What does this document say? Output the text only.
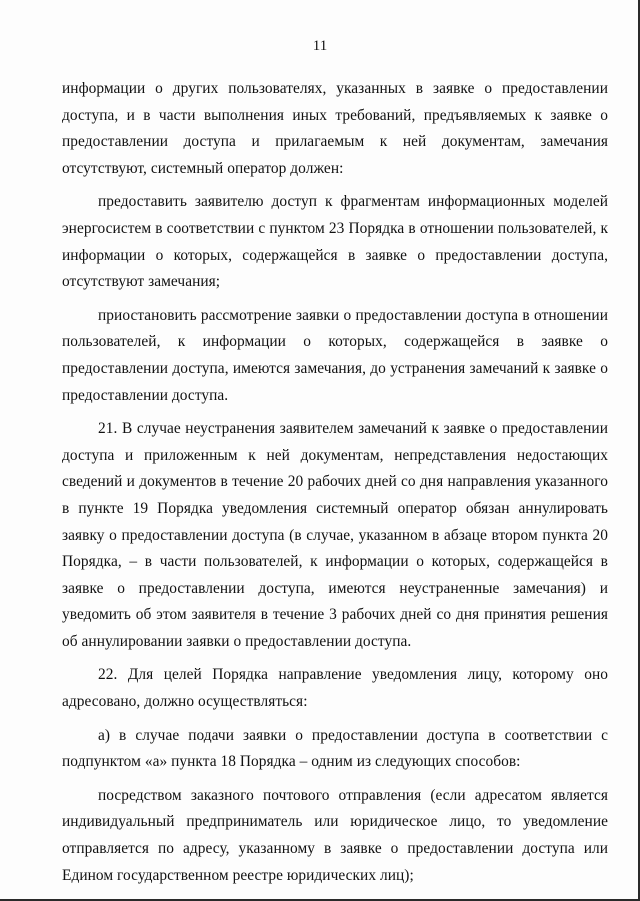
11

информации о других пользователях, указанных в заявке о предоставлении доступа, и в части выполнения иных требований, предъявляемых к заявке о предоставлении доступа и прилагаемым к ней документам, замечания отсутствуют, системный оператор должен:

предоставить заявителю доступ к фрагментам информационных моделей энергосистем в соответствии с пунктом 23 Порядка в отношении пользователей, к информации о которых, содержащейся в заявке о предоставлении доступа, отсутствуют замечания;

приостановить рассмотрение заявки о предоставлении доступа в отношении пользователей, к информации о которых, содержащейся в заявке о предоставлении доступа, имеются замечания, до устранения замечаний к заявке о предоставлении доступа.

21. В случае неустранения заявителем замечаний к заявке о предоставлении доступа и приложенным к ней документам, непредставления недостающих сведений и документов в течение 20 рабочих дней со дня направления указанного в пункте 19 Порядка уведомления системный оператор обязан аннулировать заявку о предоставлении доступа (в случае, указанном в абзаце втором пункта 20 Порядка, – в части пользователей, к информации о которых, содержащейся в заявке о предоставлении доступа, имеются неустраненные замечания) и уведомить об этом заявителя в течение 3 рабочих дней со дня принятия решения об аннулировании заявки о предоставлении доступа.

22. Для целей Порядка направление уведомления лицу, которому оно адресовано, должно осуществляться:

а) в случае подачи заявки о предоставлении доступа в соответствии с подпунктом «а» пункта 18 Порядка – одним из следующих способов:

посредством заказного почтового отправления (если адресатом является индивидуальный предприниматель или юридическое лицо, то уведомление отправляется по адресу, указанному в заявке о предоставлении доступа или Едином государственном реестре юридических лиц);
